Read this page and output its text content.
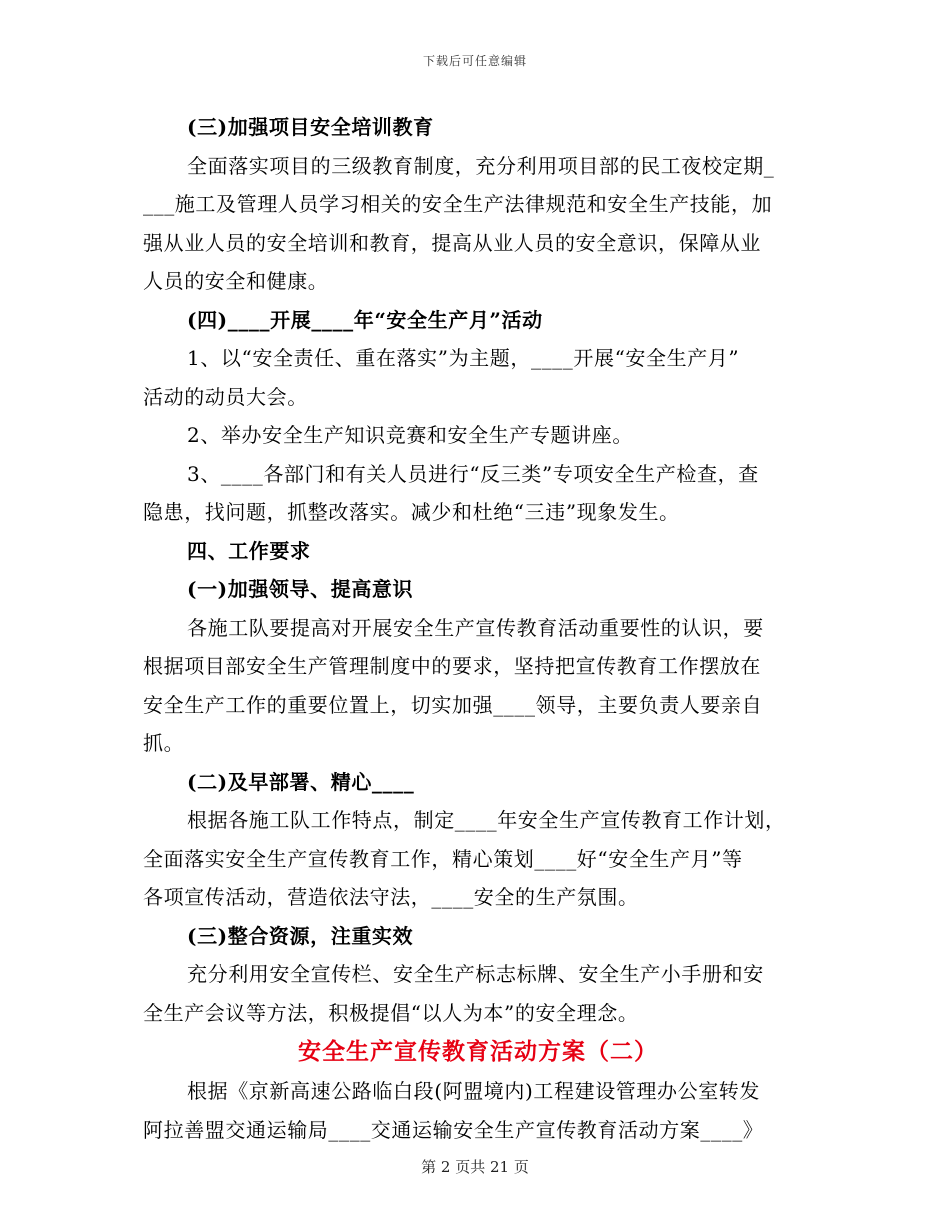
下载后可任意编辑
(三)加强项目安全培训教育
全面落实项目的三级教育制度，充分利用项目部的民工夜校定期_
___施工及管理人员学习相关的安全生产法律规范和安全生产技能，加
强从业人员的安全培训和教育，提高从业人员的安全意识，保障从业
人员的安全和健康。
(四)____开展____年“安全生产月”活动
1、以“安全责任、重在落实”为主题，____开展“安全生产月”
活动的动员大会。
2、举办安全生产知识竞赛和安全生产专题讲座。
3、____各部门和有关人员进行“反三类”专项安全生产检查，查
隐患，找问题，抓整改落实。减少和杜绝“三违”现象发生。
四、工作要求
(一)加强领导、提高意识
各施工队要提高对开展安全生产宣传教育活动重要性的认识，要
根据项目部安全生产管理制度中的要求，坚持把宣传教育工作摆放在
安全生产工作的重要位置上，切实加强____领导，主要负责人要亲自
抓。
(二)及早部署、精心____
根据各施工队工作特点，制定____年安全生产宣传教育工作计划，
全面落实安全生产宣传教育工作，精心策划____好“安全生产月”等
各项宣传活动，营造依法守法，____安全的生产氛围。
(三)整合资源，注重实效
充分利用安全宣传栏、安全生产标志标牌、安全生产小手册和安
全生产会议等方法，积极提倡“以人为本”的安全理念。
安全生产宣传教育活动方案（二）
根据《京新高速公路临白段(阿盟境内)工程建设管理办公室转发
阿拉善盟交通运输局____交通运输安全生产宣传教育活动方案____》
第 2 页共 21 页
